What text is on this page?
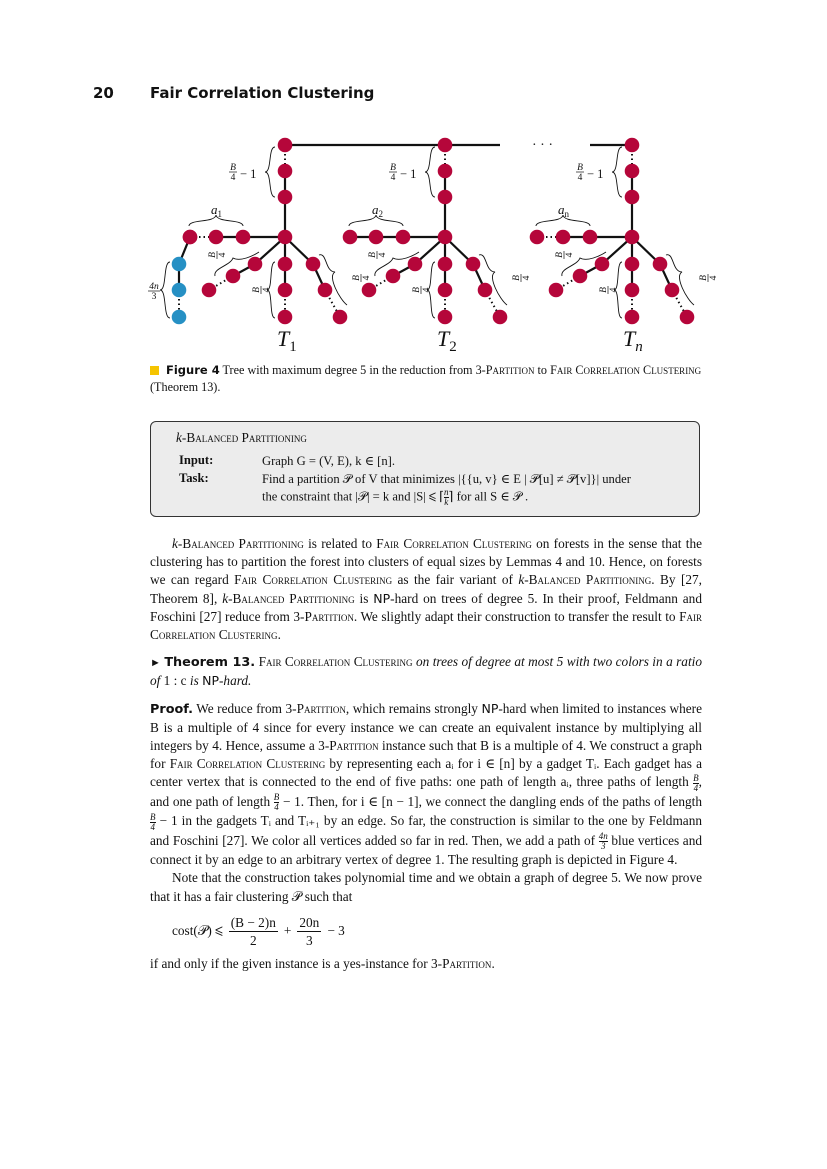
20 Fair Correlation Clustering
· · ·
$a_1$	$a_2$	$a_n$
$T_1$	$T_2$	$T_n$
− 1
B
4
B 4
B 4
B 4
− 1
B
4
B 4
B 4
B 4
− 1
B
4
B 4
B 4
B 4
4n
3
Figure 4 Tree with maximum degree 5 in the reduction from 3-Partition to Fair Correlation Clustering (Theorem 13).
k-Balanced Partitioning
Input:	Graph G = (V, E), k ∈ [n].
Task:	Find a partition 𝒫 of V that minimizes |{{u, v} ∈ E | 𝒫[u] ≠ 𝒫[v]}| under
the constraint that |𝒫| = k and |S| ⩽ ⌈ $\frac{n}{k}$ ⌉ for all S ∈ 𝒫 .

k-Balanced Partitioning is related to Fair Correlation Clustering on forests in the sense that the clustering has to partition the forest into clusters of equal sizes by Lemmas 4 and 10. Hence, on forests we can regard Fair Correlation Clustering as the fair variant of k-Balanced Partitioning. By [27, Theorem 8], k-Balanced Partitioning is NP-hard on trees of degree 5. In their proof, Feldmann and Foschini [27] reduce from 3-Partition. We slightly adapt their construction to transfer the result to Fair Correlation Clustering.

► Theorem 13. Fair Correlation Clustering on trees of degree at most 5 with two colors in a ratio of 1 : c is NP-hard.

Proof. We reduce from 3-Partition, which remains strongly NP-hard when limited to instances where B is a multiple of 4 since for every instance we can create an equivalent instance by multiplying all integers by 4. Hence, assume a 3-Partition instance such that B is a multiple of 4. We construct a graph for Fair Correlation Clustering by representing each aᵢ for i ∈ [n] by a gadget Tᵢ. Each gadget has a center vertex that is connected to the end of five paths: one path of length aᵢ, three paths of length $\frac{B}{4}$ , and one path of length $\frac{B}{4} - 1$. Then, for i ∈ [n − 1], we connect the dangling ends of the paths of length
$\frac{B}{4} - 1$ in the gadgets Tᵢ and Tᵢ₊₁ by an edge. So far, the construction is similar to the one by Feldmann and Foschini [27]. We color all vertices added so far in red. Then, we add a path of $\frac{4n}{3}$ blue vertices and connect it by an edge to an arbitrary vertex of degree 1. The resulting graph is depicted in Figure 4.

Note that the construction takes polynomial time and we obtain a graph of degree 5. We now prove that it has a fair clustering 𝒫 such that

cost(𝒫) ⩽ $\frac{(B - 2)n}{2} + \frac{20n}{3} - 3$

if and only if the given instance is a yes-instance for 3-Partition.
